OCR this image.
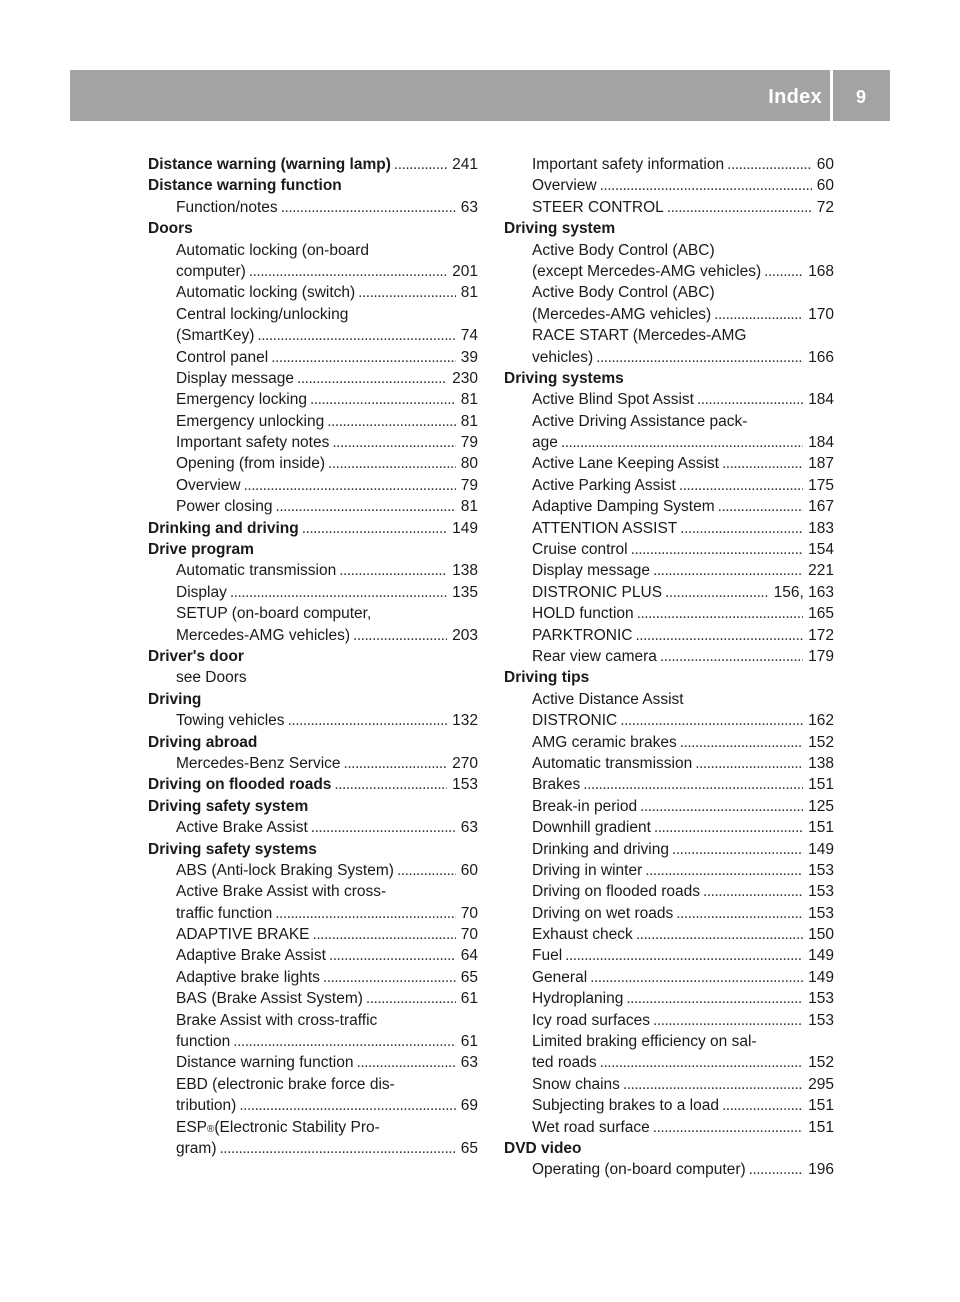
Index 9
Distance warning (warning lamp) . . .	241
Distance warning function
Function/notes . . .	63
Doors
Automatic locking (on-board
computer) . . .	201
Automatic locking (switch) . . .	81
Central locking/unlocking
(SmartKey) . . .	74
Control panel . . .	39
Display message . . .	230
Emergency locking . . .	81
Emergency unlocking . . .	81
Important safety notes . . .	79
Opening (from inside) . . .	80
Overview . . .	79
Power closing . . .	81
Drinking and driving . . .	149
Drive program
Automatic transmission . . .	138
Display . . .	135
SETUP (on-board computer,
Mercedes-AMG vehicles) . . .	203
Driver's door
see Doors
Driving
Towing vehicles . . .	132
Driving abroad
Mercedes-Benz Service . . .	270
Driving on flooded roads . . .	153
Driving safety system
Active Brake Assist . . .	63
Driving safety systems
ABS (Anti-lock Braking System) . . .	60
Active Brake Assist with cross-
traffic function . . .	70
ADAPTIVE BRAKE . . .	70
Adaptive Brake Assist . . .	64
Adaptive brake lights . . .	65
BAS (Brake Assist System) . . .	61
Brake Assist with cross-traffic
function . . .	61
Distance warning function . . .	63
EBD (electronic brake force dis-
tribution) . . .	69
ESP ® (Electronic Stability Pro-
gram) . . .	65
Important safety information . . .	60
Overview . . .	60
STEER CONTROL . . .	72
Driving system
Active Body Control (ABC)
(except Mercedes-AMG vehicles) . . .	168
Active Body Control (ABC)
(Mercedes-AMG vehicles) . . .	170
RACE START (Mercedes-AMG
vehicles) . . .	166
Driving systems
Active Blind Spot Assist . . .	184
Active Driving Assistance pack-
age . . .	184
Active Lane Keeping Assist . . .	187
Active Parking Assist . . .	175
Adaptive Damping System . . .	167
ATTENTION ASSIST . . .	183
Cruise control . . .	154
Display message . . .	221
DISTRONIC PLUS . . .	156, 163
HOLD function . . .	165
PARKTRONIC . . .	172
Rear view camera . . .	179
Driving tips
Active Distance Assist
DISTRONIC . . .	162
AMG ceramic brakes . . .	152
Automatic transmission . . .	138
Brakes . . .	151
Break-in period . . .	125
Downhill gradient . . .	151
Drinking and driving . . .	149
Driving in winter . . .	153
Driving on flooded roads . . .	153
Driving on wet roads . . .	153
Exhaust check . . .	150
Fuel . . .	149
General . . .	149
Hydroplaning . . .	153
Icy road surfaces . . .	153
Limited braking efficiency on sal-
ted roads . . .	152
Snow chains . . .	295
Subjecting brakes to a load . . .	151
Wet road surface . . .	151
DVD video
Operating (on-board computer) . . .	196
